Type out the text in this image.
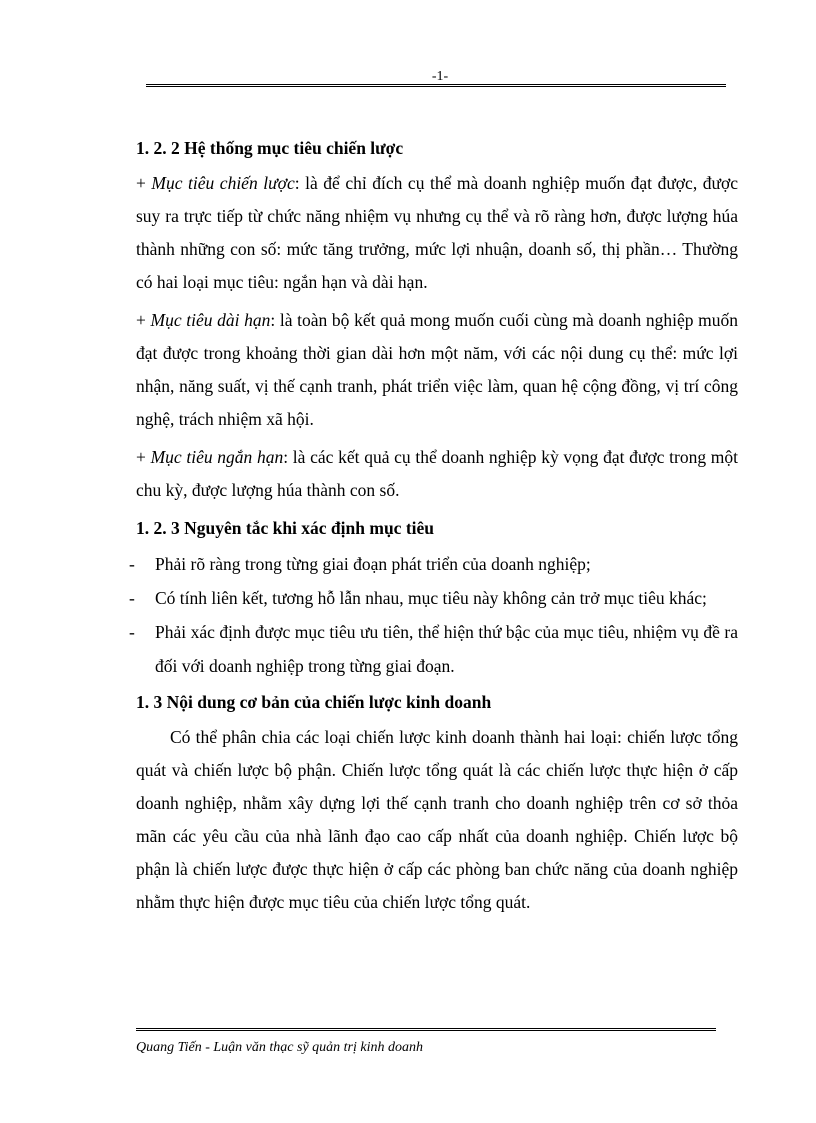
-1-
1. 2. 2 Hệ thống mục tiêu chiến lược

+ Mục tiêu chiến lược: là để chỉ đích cụ thể mà doanh nghiệp muốn đạt được, được suy ra trực tiếp từ chức năng nhiệm vụ nhưng cụ thể và rõ ràng hơn, được lượng húa thành những con số: mức tăng trưởng, mức lợi nhuận, doanh số, thị phần… Thường có hai loại mục tiêu: ngắn hạn và dài hạn.

+ Mục tiêu dài hạn: là toàn bộ kết quả mong muốn cuối cùng mà doanh nghiệp muốn đạt được trong khoảng thời gian dài hơn một năm, với các nội dung cụ thể: mức lợi nhận, năng suất, vị thế cạnh tranh, phát triển việc làm, quan hệ cộng đồng, vị trí công nghệ, trách nhiệm xã hội.

+ Mục tiêu ngắn hạn: là các kết quả cụ thể doanh nghiệp kỳ vọng đạt được trong một chu kỳ, được lượng húa thành con số.

1. 2. 3 Nguyên tắc khi xác định mục tiêu
- Phải rõ ràng trong từng giai đoạn phát triển của doanh nghiệp;
- Có tính liên kết, tương hỗ lẫn nhau, mục tiêu này không cản trở mục tiêu khác;
- Phải xác định được mục tiêu ưu tiên, thể hiện thứ bậc của mục tiêu, nhiệm vụ đề ra đối với doanh nghiệp trong từng giai đoạn.
1. 3 Nội dung cơ bản của chiến lược kinh doanh

Có thể phân chia các loại chiến lược kinh doanh thành hai loại: chiến lược tổng quát và chiến lược bộ phận. Chiến lược tổng quát là các chiến lược thực hiện ở cấp doanh nghiệp, nhằm xây dựng lợi thế cạnh tranh cho doanh nghiệp trên cơ sở thỏa mãn các yêu cầu của nhà lãnh đạo cao cấp nhất của doanh nghiệp. Chiến lược bộ phận là chiến lược được thực hiện ở cấp các phòng ban chức năng của doanh nghiệp nhằm thực hiện được mục tiêu của chiến lược tổng quát.

Quang Tiến - Luận văn thạc sỹ quản trị kinh doanh
